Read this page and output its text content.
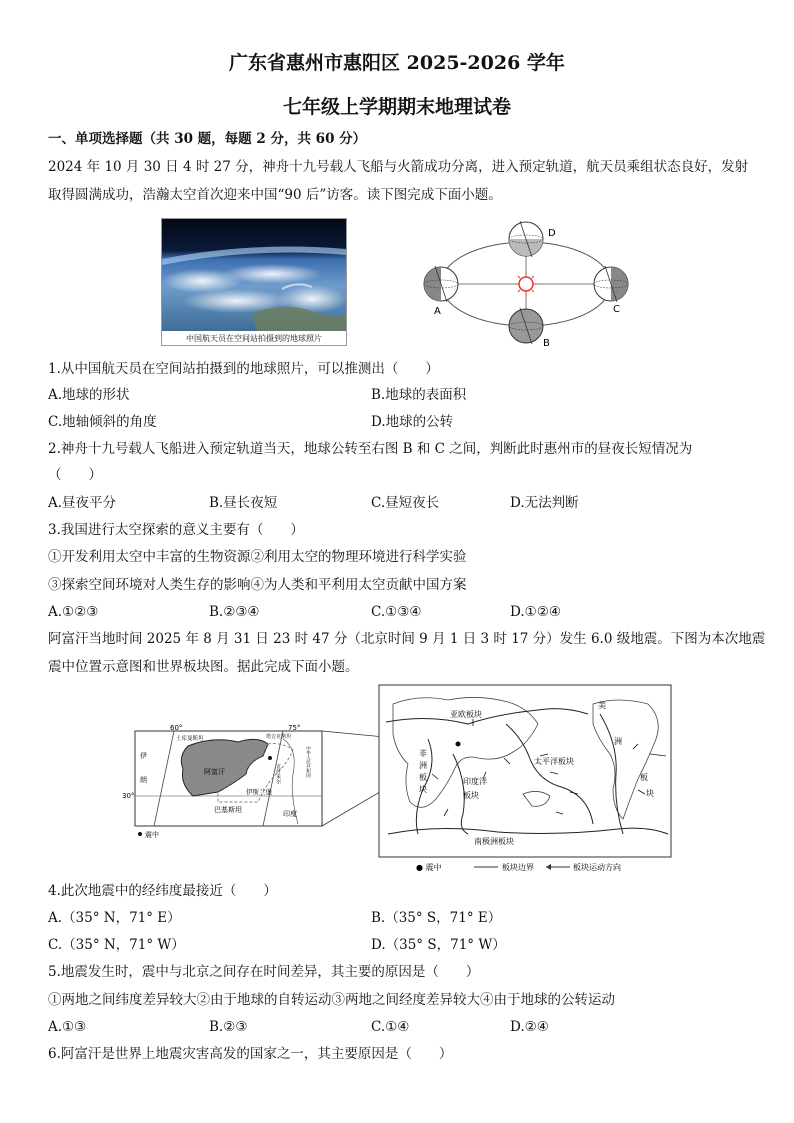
广东省惠州市惠阳区 2025-2026 学年
七年级上学期期末地理试卷
一、单项选择题（共 30 题，每题 2 分，共 60 分）
2024 年 10 月 30 日 4 时 27 分，神舟十九号载人飞船与火箭成功分离，进入预定轨道，航天员乘组状态良好，发射
取得圆满成功，浩瀚太空首次迎来中国“90 后”访客。读下图完成下面小题。
中国航天员在空间站拍摄到的地球照片
A
B
C
D
1.从中国航天员在空间站拍摄到的地球照片，可以推测出（　　）
A.地球的形状	B.地球的表面积
C.地轴倾斜的角度	D.地球的公转
2.神舟十九号载人飞船进入预定轨道当天，地球公转至右图 B 和 C 之间，判断此时惠州市的昼夜长短情况为
（　　）
A.昼夜平分	B.昼长夜短	C.昼短夜长	D.无法判断
3.我国进行太空探索的意义主要有（　　）
①开发利用太空中丰富的生物资源②利用太空的物理环境进行科学实验
③探索空间环境对人类生存的影响④为人类和平利用太空贡献中国方案
A.①②③	B.②③④	C.①③④	D.①②④
阿富汗当地时间 2025 年 8 月 31 日 23 时 47 分（北京时间 9 月 1 日 3 时 17 分）发生 6.0 级地震。下图为本次地震
震中位置示意图和世界板块图。据此完成下面小题。
60°	75°
30°
土库曼斯坦	塔吉克斯坦
伊
朗
阿富汗
伊斯兰堡
巴基斯坦	印度
中华人民共和国
克什米尔
震中
亚欧板块
非
洲
板
块
印度洋
板块
太平洋板块
美
洲
板
块
南极洲板块
● 震中	板块边界	板块运动方向
4.此次地震中的经纬度最接近（　　）
A.（35° N，71° E）	B.（35° S，71° E）
C.（35° N，71° W）	D.（35° S，71° W）
5.地震发生时，震中与北京之间存在时间差异，其主要的原因是（　　）
①两地之间纬度差异较大②由于地球的自转运动③两地之间经度差异较大④由于地球的公转运动
A.①③	B.②③	C.①④	D.②④
6.阿富汗是世界上地震灾害高发的国家之一，其主要原因是（　　）
